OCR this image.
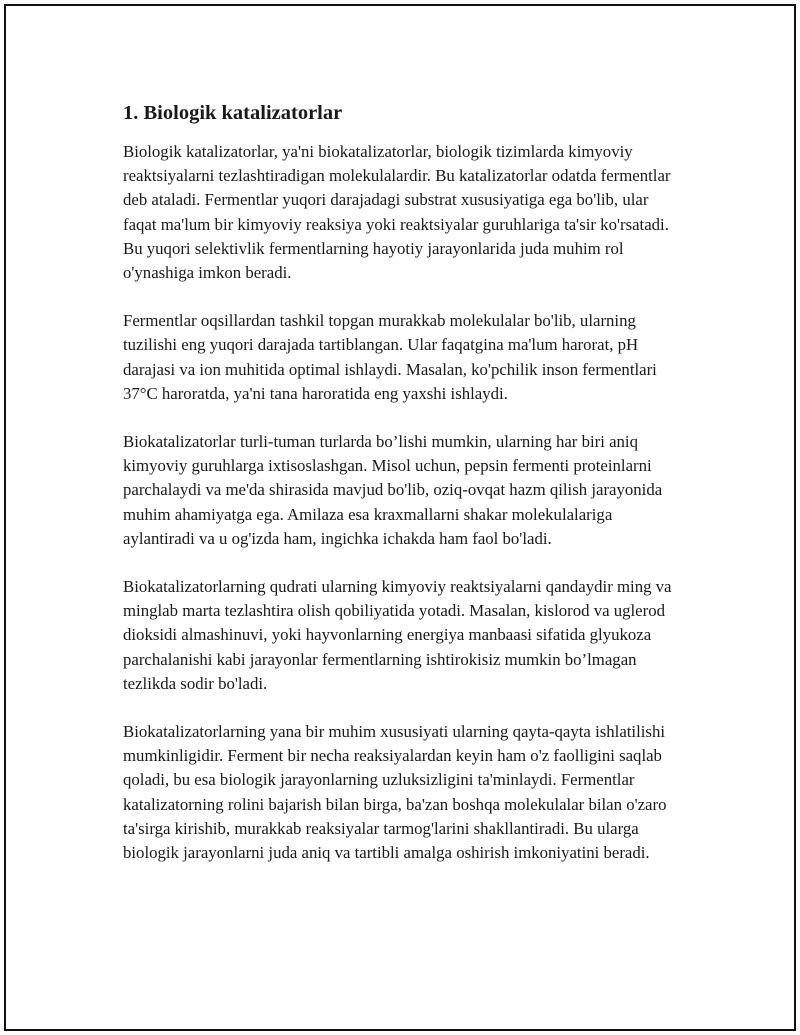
1. Biologik katalizatorlar

Biologik katalizatorlar, ya'ni biokatalizatorlar, biologik tizimlarda kimyoviy reaktsiyalarni tezlashtiradigan molekulalardir. Bu katalizatorlar odatda fermentlar deb ataladi. Fermentlar yuqori darajadagi substrat xususiyatiga ega bo'lib, ular faqat ma'lum bir kimyoviy reaksiya yoki reaktsiyalar guruhlariga ta'sir ko'rsatadi. Bu yuqori selektivlik fermentlarning hayotiy jarayonlarida juda muhim rol o'ynashiga imkon beradi.

Fermentlar oqsillardan tashkil topgan murakkab molekulalar bo'lib, ularning tuzilishi eng yuqori darajada tartiblangan. Ular faqatgina ma'lum harorat, pH darajasi va ion muhitida optimal ishlaydi. Masalan, ko'pchilik inson fermentlari 37°C haroratda, ya'ni tana haroratida eng yaxshi ishlaydi.

Biokatalizatorlar turli-tuman turlarda bo’lishi mumkin, ularning har biri aniq kimyoviy guruhlarga ixtisoslashgan. Misol uchun, pepsin fermenti proteinlarni parchalaydi va me'da shirasida mavjud bo'lib, oziq-ovqat hazm qilish jarayonida muhim ahamiyatga ega. Amilaza esa kraxmallarni shakar molekulalariga aylantiradi va u og'izda ham, ingichka ichakda ham faol bo'ladi.

Biokatalizatorlarning qudrati ularning kimyoviy reaktsiyalarni qandaydir ming va minglab marta tezlashtira olish qobiliyatida yotadi. Masalan, kislorod va uglerod dioksidi almashinuvi, yoki hayvonlarning energiya manbaasi sifatida glyukoza parchalanishi kabi jarayonlar fermentlarning ishtirokisiz mumkin bo’lmagan tezlikda sodir bo'ladi.

Biokatalizatorlarning yana bir muhim xususiyati ularning qayta-qayta ishlatilishi mumkinligidir. Ferment bir necha reaksiyalardan keyin ham o'z faolligini saqlab qoladi, bu esa biologik jarayonlarning uzluksizligini ta'minlaydi. Fermentlar katalizatorning rolini bajarish bilan birga, ba'zan boshqa molekulalar bilan o'zaro ta'sirga kirishib, murakkab reaksiyalar tarmog'larini shakllantiradi. Bu ularga biologik jarayonlarni juda aniq va tartibli amalga oshirish imkoniyatini beradi.
